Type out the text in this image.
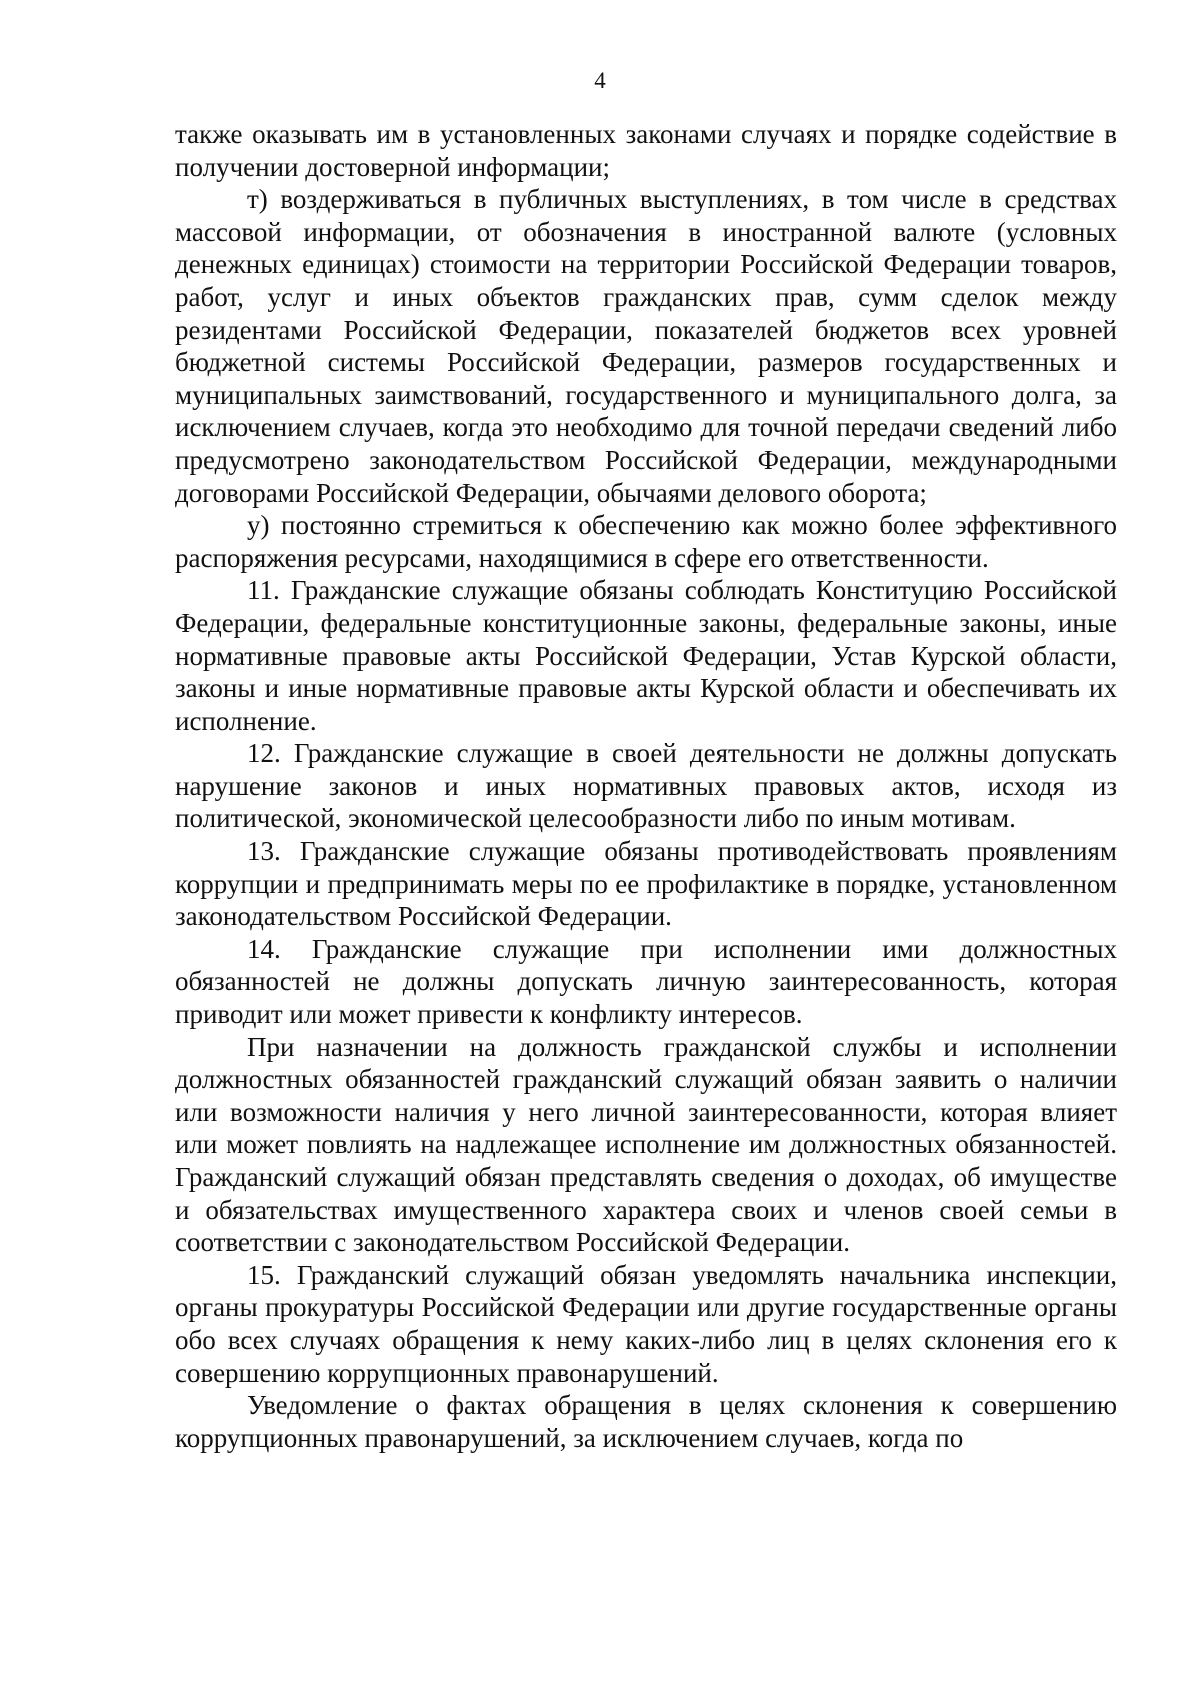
4

также оказывать им в установленных законами случаях и порядке содействие в получении достоверной информации;

т) воздерживаться в публичных выступлениях, в том числе в средствах массовой информации, от обозначения в иностранной валюте (условных денежных единицах) стоимости на территории Российской Федерации товаров, работ, услуг и иных объектов гражданских прав, сумм сделок между резидентами Российской Федерации, показателей бюджетов всех уровней бюджетной системы Российской Федерации, размеров государственных и муниципальных заимствований, государственного и муниципального долга, за исключением случаев, когда это необходимо для точной передачи сведений либо предусмотрено законодательством Российской Федерации, международными договорами Российской Федерации, обычаями делового оборота;

у) постоянно стремиться к обеспечению как можно более эффективного распоряжения ресурсами, находящимися в сфере его ответственности.

11. Гражданские служащие обязаны соблюдать Конституцию Российской Федерации, федеральные конституционные законы, федеральные законы, иные нормативные правовые акты Российской Федерации, Устав Курской области, законы и иные нормативные правовые акты Курской области и обеспечивать их исполнение.

12. Гражданские служащие в своей деятельности не должны допускать нарушение законов и иных нормативных правовых актов, исходя из политической, экономической целесообразности либо по иным мотивам.

13. Гражданские служащие обязаны противодействовать проявлениям коррупции и предпринимать меры по ее профилактике в порядке, установленном законодательством Российской Федерации.

14. Гражданские служащие при исполнении ими должностных обязанностей не должны допускать личную заинтересованность, которая приводит или может привести к конфликту интересов.

При назначении на должность гражданской службы и исполнении должностных обязанностей гражданский служащий обязан заявить о наличии или возможности наличия у него личной заинтересованности, которая влияет или может повлиять на надлежащее исполнение им должностных обязанностей. Гражданский служащий обязан представлять сведения о доходах, об имуществе и обязательствах имущественного характера своих и членов своей семьи в соответствии с законодательством Российской Федерации.

15. Гражданский служащий обязан уведомлять начальника инспекции, органы прокуратуры Российской Федерации или другие государственные органы обо всех случаях обращения к нему каких-либо лиц в целях склонения его к совершению коррупционных правонарушений.

Уведомление о фактах обращения в целях склонения к совершению коррупционных правонарушений, за исключением случаев, когда по
